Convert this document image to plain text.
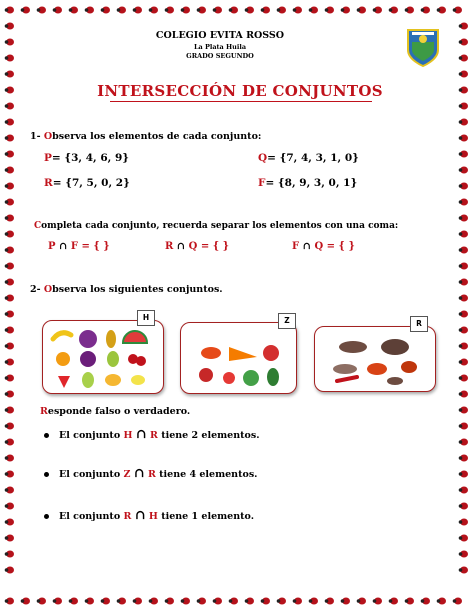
COLEGIO EVITA ROSSO
La Plata Huila
GRADO SEGUNDO
INTERSECCIÓN DE CONJUNTOS
1- Observa los elementos de cada conjunto:
P= {3, 4, 6, 9}	Q= {7, 4, 3, 1, 0}
R= {7, 5, 0, 2}	F= {8, 9, 3, 0, 1}
Completa cada conjunto, recuerda separar los elementos con una coma:
P ∩ F = { }	R ∩ Q = { }	F ∩ Q = { }
2- Observa los siguientes conjuntos.
H	Z	R
Responde falso o verdadero.
El conjunto H ∩ R tiene 2 elementos.
El conjunto Z ∩ R tiene 4 elementos.
El conjunto R ∩ H tiene 1 elemento.
